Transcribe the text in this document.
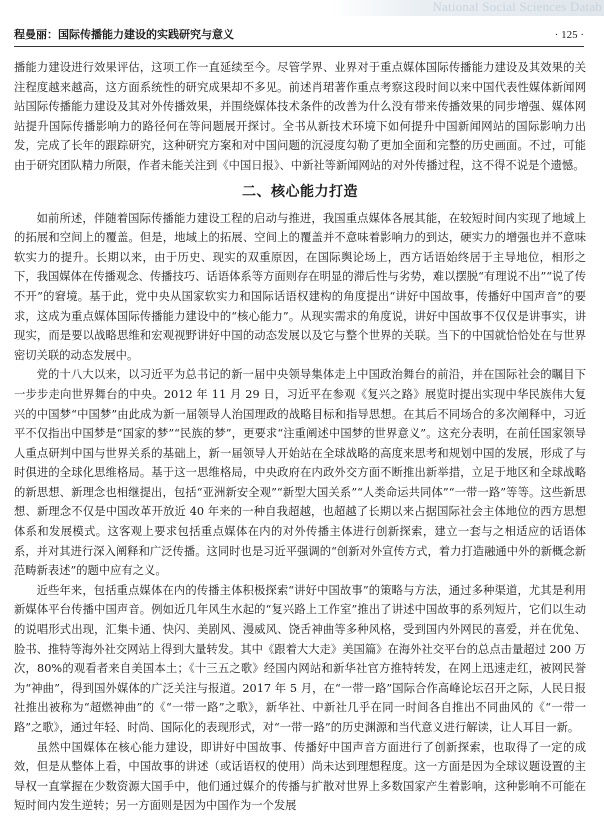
National Social Sciences Datab
程曼丽：国际传播能力建设的实践研究与意义	· 125 ·

播能力建设进行效果评估，这项工作一直延续至今。尽管学界、业界对于重点媒体国际传播能力建设及其效果的关注程度越来越高，这方面系统性的研究成果却不多见。前述肖珺著作重点考察这段时间以来中国代表性媒体新闻网站国际传播能力建设及其对外传播效果，并围绕媒体技术条件的改善为什么没有带来传播效果的同步增强、媒体网站提升国际传播影响力的路径何在等问题展开探讨。全书从新技术环境下如何提升中国新闻网站的国际影响力出发，完成了长年的跟踪研究，这种研究方案和对中国问题的沉浸度勾勒了更加全面和完整的历史画面。不过，可能由于研究团队精力所限，作者未能关注到《中国日报》、中新社等新闻网站的对外传播过程，这不得不说是个遗憾。

二、核心能力打造

如前所述，伴随着国际传播能力建设工程的启动与推进，我国重点媒体各展其能，在较短时间内实现了地域上的拓展和空间上的覆盖。但是，地域上的拓展、空间上的覆盖并不意味着影响力的到达，硬实力的增强也并不意味软实力的提升。长期以来，由于历史、现实的双重原因，在国际舆论场上，西方话语始终居于主导地位，相形之下，我国媒体在传播观念、传播技巧、话语体系等方面则存在明显的滞后性与劣势，难以摆脱“有理说不出”“说了传不开”的窘境。基于此，党中央从国家软实力和国际话语权建构的角度提出“讲好中国故事，传播好中国声音”的要求，这成为重点媒体国际传播能力建设中的“核心能力”。从现实需求的角度说，讲好中国故事不仅仅是讲事实，讲现实，而是要以战略思维和宏观视野讲好中国的动态发展以及它与整个世界的关联。当下的中国就恰恰处在与世界密切关联的动态发展中。

党的十八大以来，以习近平为总书记的新一届中央领导集体走上中国政治舞台的前沿，并在国际社会的瞩目下一步步走向世界舞台的中央。2012 年 11 月 29 日，习近平在参观《复兴之路》展览时提出实现中华民族伟大复兴的中国梦“中国梦”由此成为新一届领导人治国理政的战略目标和指导思想。在其后不同场合的多次阐释中，习近平不仅指出中国梦是“国家的梦”“民族的梦”，更要求“注重阐述中国梦的世界意义”。这充分表明，在前任国家领导人重点研判中国与世界关系的基础上，新一届领导人开始站在全球战略的高度来思考和规划中国的发展，形成了与时俱进的全球化思维格局。基于这一思维格局，中央政府在内政外交方面不断推出新举措，立足于地区和全球战略的新思想、新理念也相继提出，包括“亚洲新安全观”“新型大国关系”“人类命运共同体”“一带一路”等等。这些新思想、新理念不仅是中国改革开放近 40 年来的一种自我超越，也超越了长期以来占据国际社会主体地位的西方思想体系和发展模式。这客观上要求包括重点媒体在内的对外传播主体进行创新探索，建立一套与之相适应的话语体系，并对其进行深入阐释和广泛传播。这同时也是习近平强调的“创新对外宣传方式，着力打造融通中外的新概念新范畴新表述”的题中应有之义。

近些年来，包括重点媒体在内的传播主体积极探索“讲好中国故事”的策略与方法，通过多种渠道，尤其是利用新媒体平台传播中国声音。例如近几年风生水起的“复兴路上工作室”推出了讲述中国故事的系列短片，它们以生动的说唱形式出现，汇集卡通、快闪、美剧风、漫威风、饶舌神曲等多种风格，受到国内外网民的喜爱，并在优兔、脸书、推特等海外社交网站上得到大量转发。其中《跟着大大走》美国篇》在海外社交平台的总点击量超过 200 万次，80%的观看者来自美国本土；《十三五之歌》经国内网站和新华社官方推特转发，在网上迅速走红，被网民誉为“神曲”，得到国外媒体的广泛关注与报道。2017 年 5 月，在“一带一路”国际合作高峰论坛召开之际，人民日报社推出被称为“超燃神曲”的《“一带一路”之歌》，新华社、中新社几乎在同一时间各自推出不同曲风的《“一带一路”之歌》，通过年轻、时尚、国际化的表现形式，对“一带一路”的历史渊源和当代意义进行解读，让人耳目一新。

虽然中国媒体在核心能力建设，即讲好中国故事、传播好中国声音方面进行了创新探索，也取得了一定的成效，但是从整体上看，中国故事的讲述（或话语权的使用）尚未达到理想程度。这一方面是因为全球议题设置的主导权一直掌握在少数资源大国手中，他们通过媒介的传播与扩散对世界上多数国家产生着影响，这种影响不可能在短时间内发生逆转；另一方面则是因为中国作为一个发展
